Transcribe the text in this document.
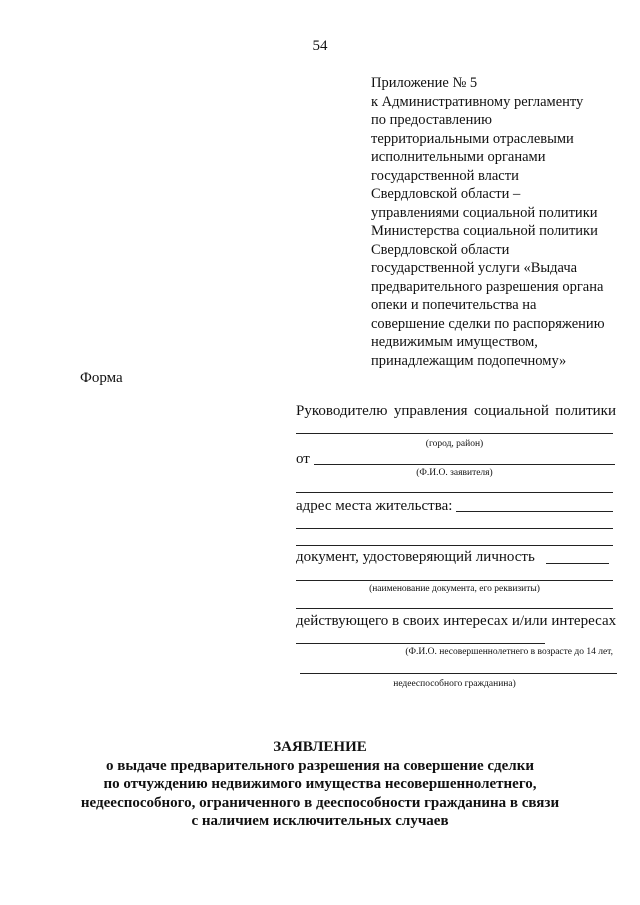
54
Приложение № 5
к Административному регламенту
по предоставлению
территориальными отраслевыми
исполнительными органами
государственной власти
Свердловской области –
управлениями социальной политики
Министерства социальной политики
Свердловской области
государственной услуги «Выдача
предварительного разрешения органа
опеки и попечительства на
совершение сделки по распоряжению
недвижимым имуществом,
принадлежащим подопечному»
Форма
Руководителю управления социальной политики
(город, район)
от
(Ф.И.О. заявителя)
адрес места жительства:
документ, удостоверяющий личность
(наименование документа, его реквизиты)
действующего в своих интересах и/или интересах
(Ф.И.О. несовершеннолетнего в возрасте до 14 лет,
недееспособного гражданина)
ЗАЯВЛЕНИЕ
о выдаче предварительного разрешения на совершение сделки
по отчуждению недвижимого имущества несовершеннолетнего,
недееспособного, ограниченного в дееспособности гражданина в связи
с наличием исключительных случаев
